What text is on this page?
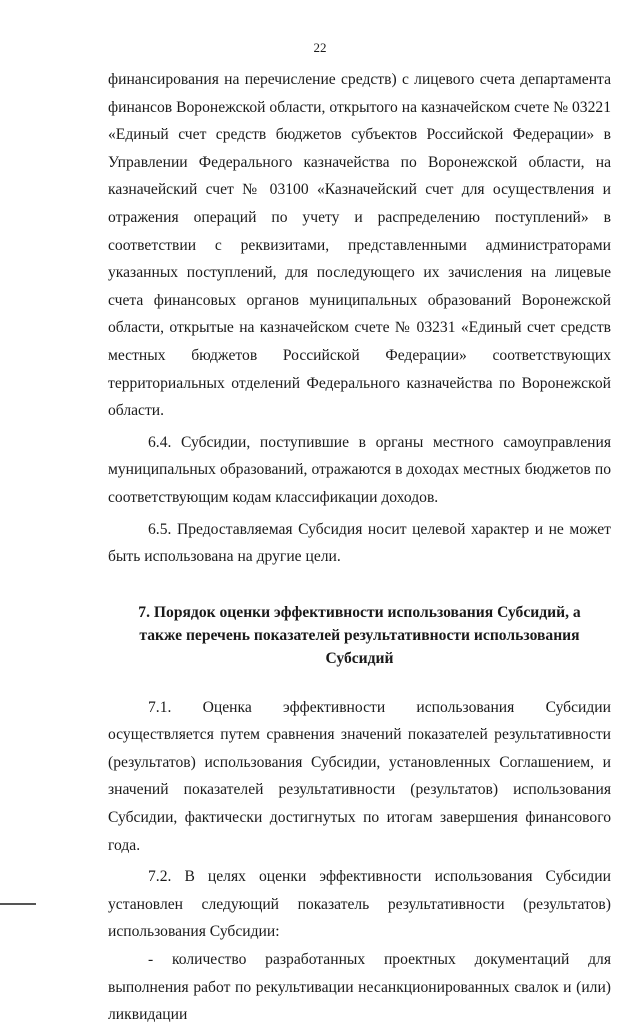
22

финансирования на перечисление средств) с лицевого счета департамента финансов Воронежской области, открытого на казначейском счете № 03221 «Единый счет средств бюджетов субъектов Российской Федерации» в Управлении Федерального казначейства по Воронежской области, на казначейский счет № 03100 «Казначейский счет для осуществления и отражения операций по учету и распределению поступлений» в соответствии с реквизитами, представленными администраторами указанных поступлений, для последующего их зачисления на лицевые счета финансовых органов муниципальных образований Воронежской области, открытые на казначейском счете № 03231 «Единый счет средств местных бюджетов Российской Федерации» соответствующих территориальных отделений Федерального казначейства по Воронежской области.

6.4. Субсидии, поступившие в органы местного самоуправления муниципальных образований, отражаются в доходах местных бюджетов по соответствующим кодам классификации доходов.

6.5. Предоставляемая Субсидия носит целевой характер и не может быть использована на другие цели.

7. Порядок оценки эффективности использования Субсидий, а
также перечень показателей результативности использования Субсидий

7.1. Оценка эффективности использования Субсидии осуществляется путем сравнения значений показателей результативности (результатов) использования Субсидии, установленных Соглашением, и значений показателей результативности (результатов) использования Субсидии, фактически достигнутых по итогам завершения финансового года.

7.2. В целях оценки эффективности использования Субсидии установлен следующий показатель результативности (результатов) использования Субсидии:

- количество разработанных проектных документаций для выполнения работ по рекультивации несанкционированных свалок и (или) ликвидации
